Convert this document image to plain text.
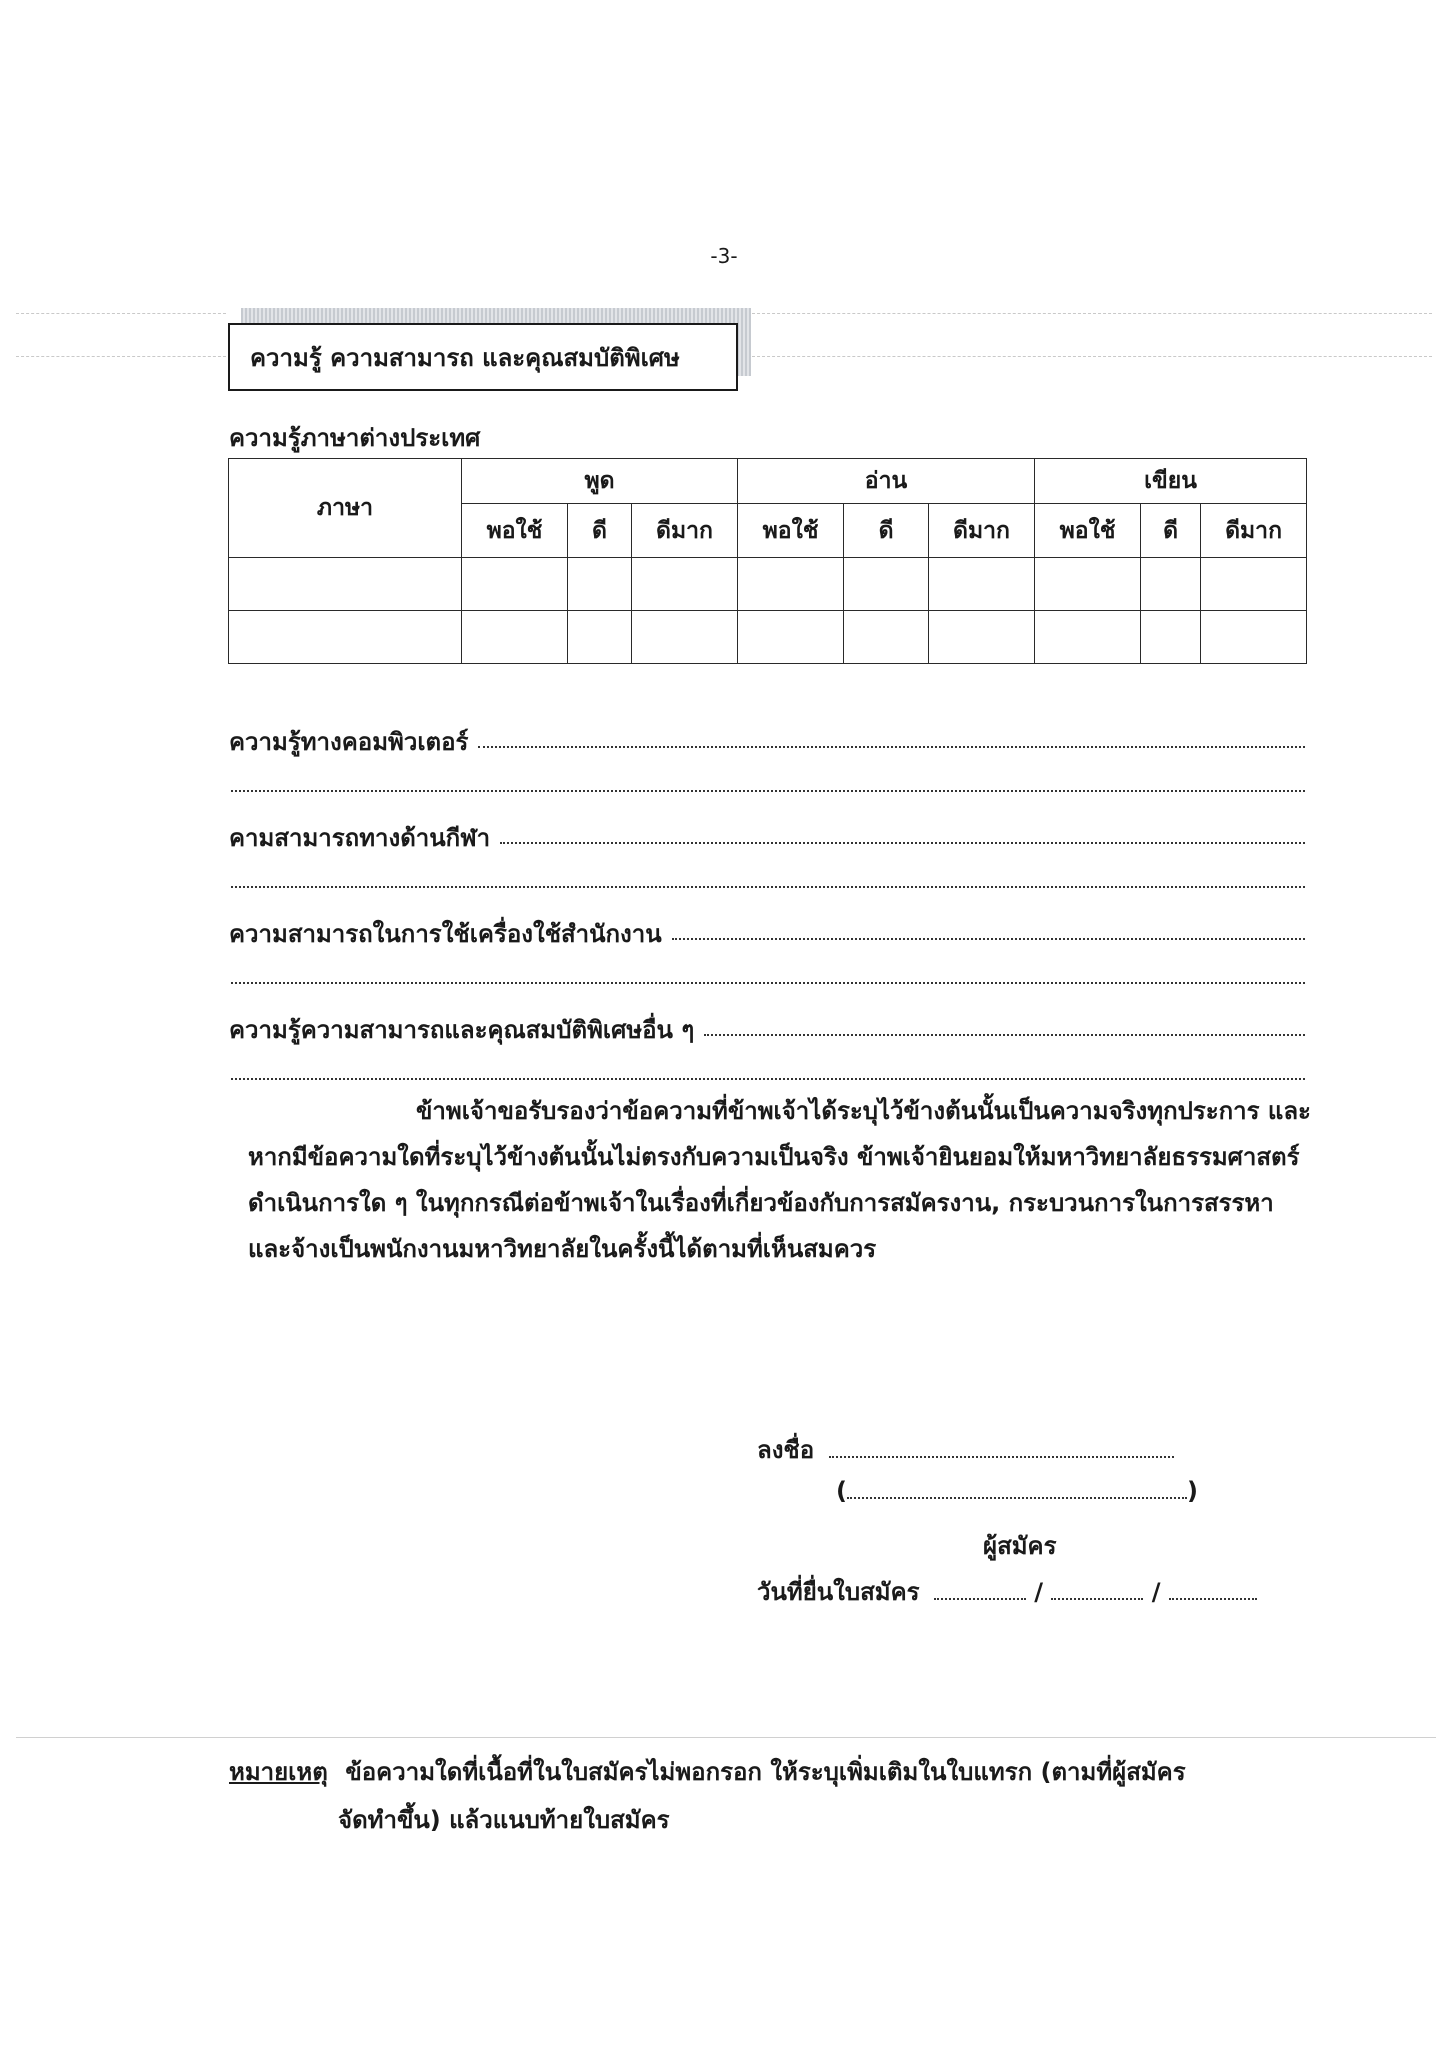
-3-
ความรู้ ความสามารถ และคุณสมบัติพิเศษ
ความรู้ภาษาต่างประเทศ
ภาษา	พูด			อ่าน			เขียน		
	พอใช้	ดี	ดีมาก	พอใช้	ดี	ดีมาก	พอใช้	ดี	ดีมาก

ความรู้ทางคอมพิวเตอร์
คามสามารถทางด้านกีฬา
ความสามารถในการใช้เครื่องใช้สำนักงาน
ความรู้ความสามารถและคุณสมบัติพิเศษอื่น ๆ
ข้าพเจ้าขอรับรองว่าข้อความที่ข้าพเจ้าได้ระบุไว้ข้างต้นนั้นเป็นความจริงทุกประการ และ
หากมีข้อความใดที่ระบุไว้ข้างต้นนั้นไม่ตรงกับความเป็นจริง ข้าพเจ้ายินยอมให้มหาวิทยาลัยธรรมศาสตร์
ดำเนินการใด ๆ ในทุกกรณีต่อข้าพเจ้าในเรื่องที่เกี่ยวข้องกับการสมัครงาน, กระบวนการในการสรรหา
และจ้างเป็นพนักงานมหาวิทยาลัยในครั้งนี้ได้ตามที่เห็นสมควร
ลงชื่อ
(	)
ผู้สมัคร
วันที่ยื่นใบสมัคร	/	/
หมายเหตุ ข้อความใดที่เนื้อที่ในใบสมัครไม่พอกรอก ให้ระบุเพิ่มเติมในใบแทรก (ตามที่ผู้สมัคร
จัดทำขึ้น) แล้วแนบท้ายใบสมัคร
